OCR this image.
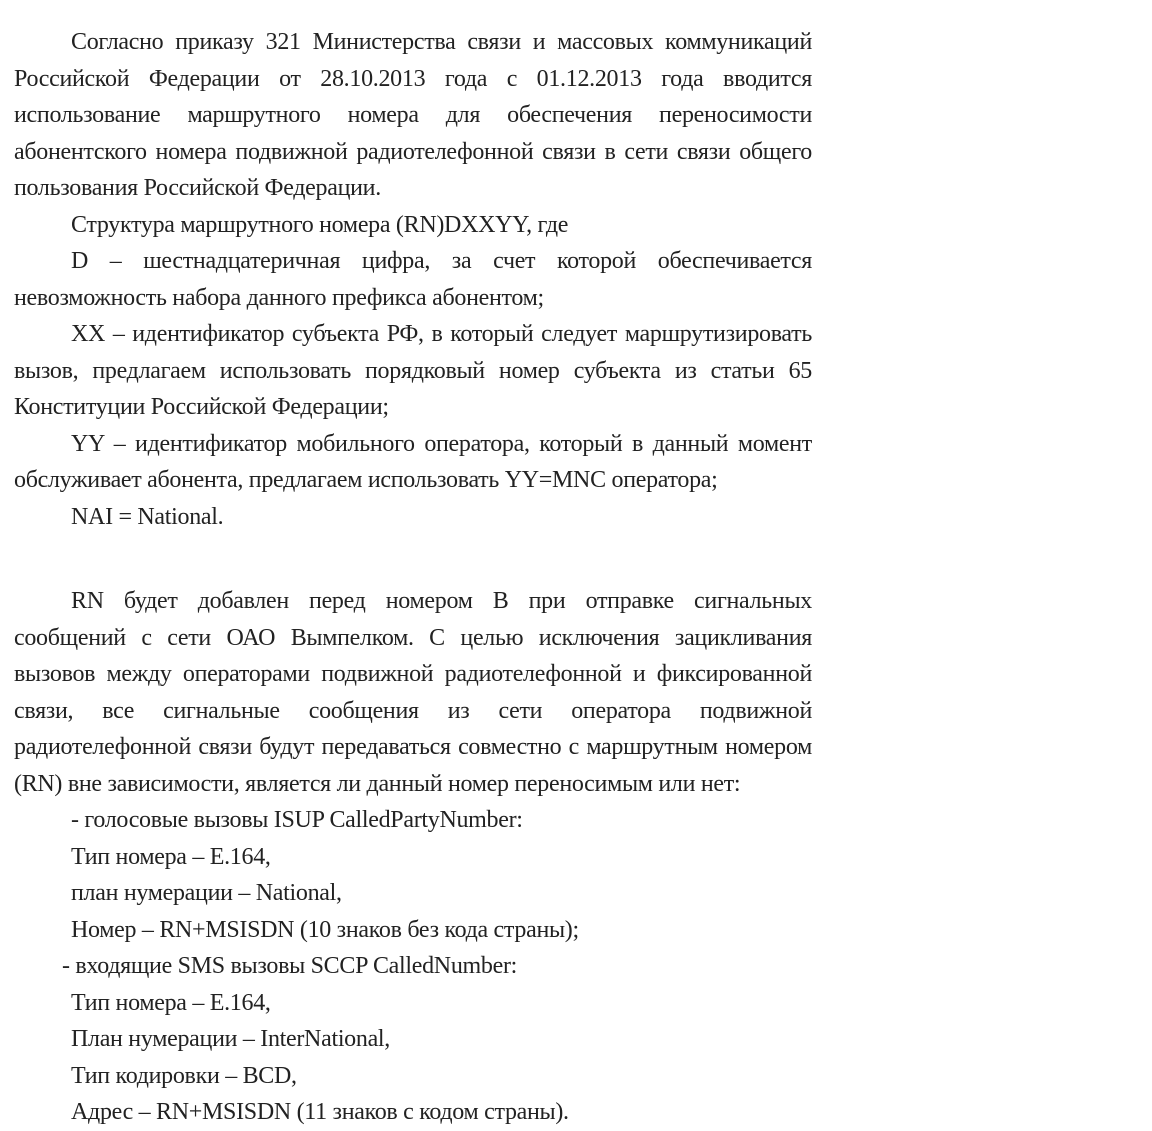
Согласно приказу 321 Министерства связи и массовых коммуникаций Российской Федерации от 28.10.2013 года с 01.12.2013 года вводится использование маршрутного номера для обеспечения переносимости абонентского номера подвижной радиотелефонной связи в сети связи общего пользования Российской Федерации.

Структура маршрутного номера (RN)DXXYY, где

D – шестнадцатеричная цифра, за счет которой обеспечивается невозможность набора данного префикса абонентом;

XX – идентификатор субъекта РФ, в который следует маршрутизировать вызов, предлагаем использовать порядковый номер субъекта из статьи 65 Конституции Российской Федерации;

YY – идентификатор мобильного оператора, который в данный момент обслуживает абонента, предлагаем использовать YY=MNC оператора;

NAI = National.

RN будет добавлен перед номером B при отправке сигнальных сообщений с сети ОАО Вымпелком. С целью исключения зацикливания вызовов между операторами подвижной радиотелефонной и фиксированной связи, все сигнальные сообщения из сети оператора подвижной радиотелефонной связи будут передаваться совместно с маршрутным номером (RN) вне зависимости, является ли данный номер переносимым или нет:

- голосовые вызовы ISUP CalledPartyNumber:

Тип номера – E.164,

план нумерации – National,

Номер – RN+MSISDN (10 знаков без кода страны);

- входящие SMS вызовы SCCP CalledNumber:

Тип номера – E.164,

План нумерации – InterNational,

Тип кодировки – BCD,

Адрес – RN+MSISDN (11 знаков с кодом страны).
